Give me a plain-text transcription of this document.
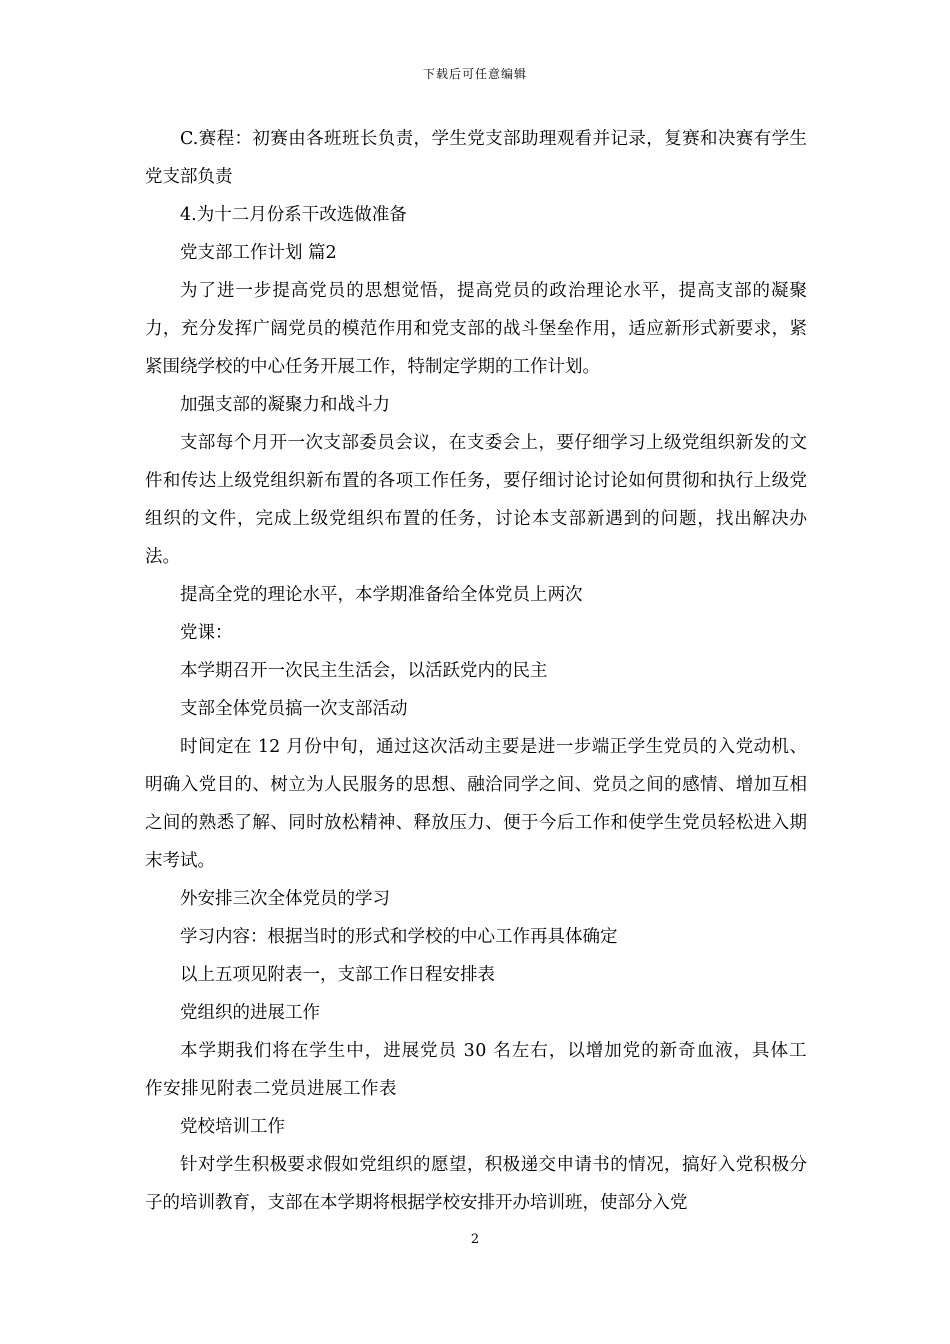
下载后可任意编辑

C.赛程：初赛由各班班长负责，学生党支部助理观看并记录，复赛和决赛有学生党支部负责

4.为十二月份系干改选做准备

党支部工作计划 篇2

为了进一步提高党员的思想觉悟，提高党员的政治理论水平，提高支部的凝聚力，充分发挥广阔党员的模范作用和党支部的战斗堡垒作用，适应新形式新要求，紧紧围绕学校的中心任务开展工作，特制定学期的工作计划。

加强支部的凝聚力和战斗力

支部每个月开一次支部委员会议，在支委会上，要仔细学习上级党组织新发的文件和传达上级党组织新布置的各项工作任务，要仔细讨论讨论如何贯彻和执行上级党组织的文件，完成上级党组织布置的任务，讨论本支部新遇到的问题，找出解决办法。

提高全党的理论水平，本学期准备给全体党员上两次

党课：

本学期召开一次民主生活会，以活跃党内的民主

支部全体党员搞一次支部活动

时间定在 12 月份中旬，通过这次活动主要是进一步端正学生党员的入党动机、明确入党目的、树立为人民服务的思想、融洽同学之间、党员之间的感情、增加互相之间的熟悉了解、同时放松精神、释放压力、便于今后工作和使学生党员轻松进入期末考试。

外安排三次全体党员的学习

学习内容：根据当时的形式和学校的中心工作再具体确定

以上五项见附表一，支部工作日程安排表

党组织的进展工作

本学期我们将在学生中，进展党员 30 名左右，以增加党的新奇血液，具体工作安排见附表二党员进展工作表

党校培训工作

针对学生积极要求假如党组织的愿望，积极递交申请书的情况，搞好入党积极分子的培训教育，支部在本学期将根据学校安排开办培训班，使部分入党

2
